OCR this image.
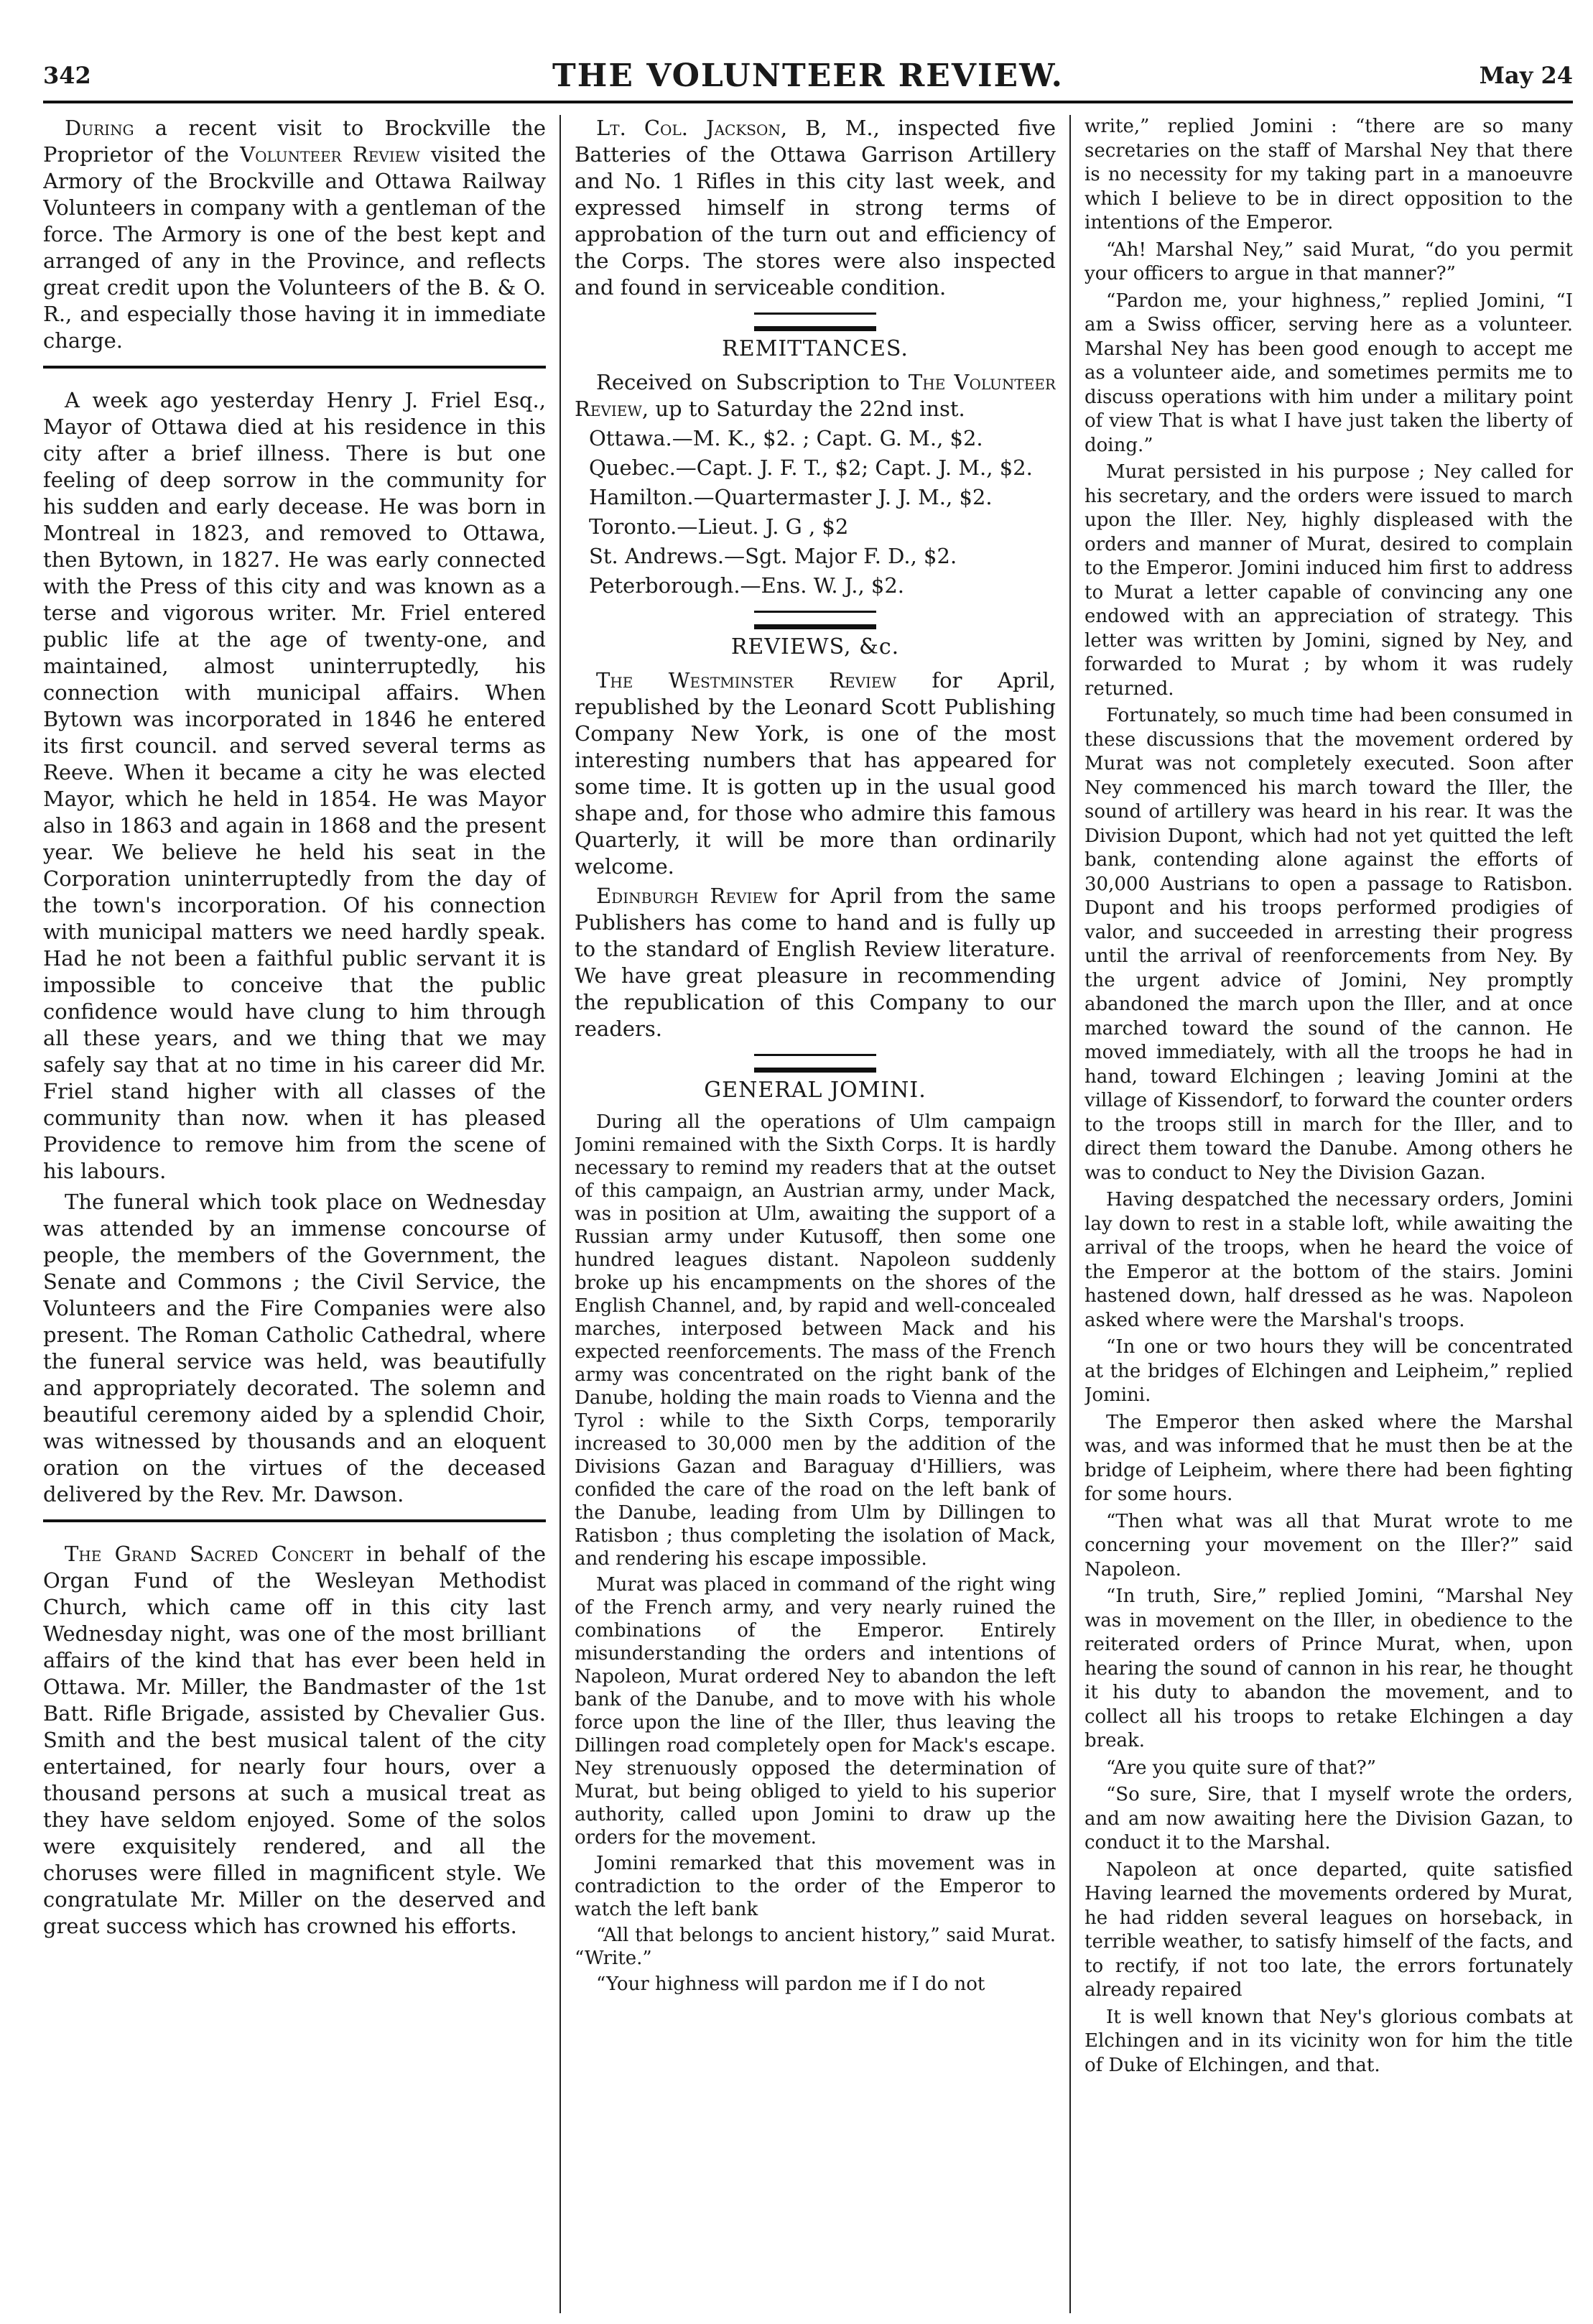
342	THE VOLUNTEER REVIEW.	May 24

During a recent visit to Brockville the Proprietor of the Volunteer Review visited the Armory of the Brockville and Ottawa Railway Volunteers in company with a gentleman of the force. The Armory is one of the best kept and arranged of any in the Province, and reflects great credit upon the Volunteers of the B. & O. R., and especially those having it in immediate charge.

A week ago yesterday Henry J. Friel Esq., Mayor of Ottawa died at his residence in this city after a brief illness. There is but one feeling of deep sorrow in the community for his sudden and early decease. He was born in Montreal in 1823, and removed to Ottawa, then Bytown, in 1827. He was early connected with the Press of this city and was known as a terse and vigorous writer. Mr. Friel entered public life at the age of twenty-one, and maintained, almost uninterruptedly, his connection with municipal affairs. When Bytown was incorporated in 1846 he entered its first council. and served several terms as Reeve. When it became a city he was elected Mayor, which he held in 1854. He was Mayor also in 1863 and again in 1868 and the present year. We believe he held his seat in the Corporation uninterruptedly from the day of the town's incorporation. Of his connection with municipal matters we need hardly speak. Had he not been a faithful public servant it is impossible to conceive that the public confidence would have clung to him through all these years, and we thing that we may safely say that at no time in his career did Mr. Friel stand higher with all classes of the community than now. when it has pleased Providence to remove him from the scene of his labours.

The funeral which took place on Wednesday was attended by an immense concourse of people, the members of the Government, the Senate and Commons ; the Civil Service, the Volunteers and the Fire Companies were also present. The Roman Catholic Cathedral, where the funeral service was held, was beautifully and appropriately decorated. The solemn and beautiful ceremony aided by a splendid Choir, was witnessed by thousands and an eloquent oration on the virtues of the deceased delivered by the Rev. Mr. Dawson.

The Grand Sacred Concert in behalf of the Organ Fund of the Wesleyan Methodist Church, which came off in this city last Wednesday night, was one of the most brilliant affairs of the kind that has ever been held in Ottawa. Mr. Miller, the Bandmaster of the 1st Batt. Rifle Brigade, assisted by Chevalier Gus. Smith and the best musical talent of the city entertained, for nearly four hours, over a thousand persons at such a musical treat as they have seldom enjoyed. Some of the solos were exquisitely rendered, and all the choruses were filled in magnificent style. We congratulate Mr. Miller on the deserved and great success which has crowned his efforts.

Lt. Col. Jackson, B, M., inspected five Batteries of the Ottawa Garrison Artillery and No. 1 Rifles in this city last week, and expressed himself in strong terms of approbation of the turn out and efficiency of the Corps. The stores were also inspected and found in serviceable condition.

REMITTANCES.

Received on Subscription to The Volunteer Review, up to Saturday the 22nd inst.

Ottawa.—M. K., $2. ; Capt. G. M., $2.

Quebec.—Capt. J. F. T., $2; Capt. J. M., $2.

Hamilton.—Quartermaster J. J. M., $2.

Toronto.—Lieut. J. G , $2

St. Andrews.—Sgt. Major F. D., $2.

Peterborough.—Ens. W. J., $2.

REVIEWS, &c.

The Westminster Review for April, republished by the Leonard Scott Publishing Company New York, is one of the most interesting numbers that has appeared for some time. It is gotten up in the usual good shape and, for those who admire this famous Quarterly, it will be more than ordinarily welcome.

Edinburgh Review for April from the same Publishers has come to hand and is fully up to the standard of English Review literature. We have great pleasure in recommending the republication of this Company to our readers.

GENERAL JOMINI.

During all the operations of Ulm campaign Jomini remained with the Sixth Corps. It is hardly necessary to remind my readers that at the outset of this campaign, an Austrian army, under Mack, was in position at Ulm, awaiting the support of a Russian army under Kutusoff, then some one hundred leagues distant. Napoleon suddenly broke up his encampments on the shores of the English Channel, and, by rapid and well-concealed marches, interposed between Mack and his expected reenforcements. The mass of the French army was concentrated on the right bank of the Danube, holding the main roads to Vienna and the Tyrol : while to the Sixth Corps, temporarily increased to 30,000 men by the addition of the Divisions Gazan and Baraguay d'Hilliers, was confided the care of the road on the left bank of the Danube, leading from Ulm by Dillingen to Ratisbon ; thus completing the isolation of Mack, and rendering his escape impossible.

Murat was placed in command of the right wing of the French army, and very nearly ruined the combinations of the Emperor. Entirely misunderstanding the orders and intentions of Napoleon, Murat ordered Ney to abandon the left bank of the Danube, and to move with his whole force upon the line of the Iller, thus leaving the Dillingen road completely open for Mack's escape. Ney strenuously opposed the determination of Murat, but being obliged to yield to his superior authority, called upon Jomini to draw up the orders for the movement.

Jomini remarked that this movement was in contradiction to the order of the Emperor to watch the left bank

“All that belongs to ancient history,” said Murat. “Write.”

“Your highness will pardon me if I do not

write,” replied Jomini : “there are so many secretaries on the staff of Marshal Ney that there is no necessity for my taking part in a manoeuvre which I believe to be in direct opposition to the intentions of the Emperor.

“Ah! Marshal Ney,” said Murat, “do you permit your officers to argue in that manner?”

“Pardon me, your highness,” replied Jomini, “I am a Swiss officer, serving here as a volunteer. Marshal Ney has been good enough to accept me as a volunteer aide, and sometimes permits me to discuss operations with him under a military point of view That is what I have just taken the liberty of doing.”

Murat persisted in his purpose ; Ney called for his secretary, and the orders were issued to march upon the Iller. Ney, highly displeased with the orders and manner of Murat, desired to complain to the Emperor. Jomini induced him first to address to Murat a letter capable of convincing any one endowed with an appreciation of strategy. This letter was written by Jomini, signed by Ney, and forwarded to Murat ; by whom it was rudely returned.

Fortunately, so much time had been consumed in these discussions that the movement ordered by Murat was not completely executed. Soon after Ney commenced his march toward the Iller, the sound of artillery was heard in his rear. It was the Division Dupont, which had not yet quitted the left bank, contending alone against the efforts of 30,000 Austrians to open a passage to Ratisbon. Dupont and his troops performed prodigies of valor, and succeeded in arresting their progress until the arrival of reenforcements from Ney. By the urgent advice of Jomini, Ney promptly abandoned the march upon the Iller, and at once marched toward the sound of the cannon. He moved immediately, with all the troops he had in hand, toward Elchingen ; leaving Jomini at the village of Kissendorf, to forward the counter orders to the troops still in march for the Iller, and to direct them toward the Danube. Among others he was to conduct to Ney the Division Gazan.

Having despatched the necessary orders, Jomini lay down to rest in a stable loft, while awaiting the arrival of the troops, when he heard the voice of the Emperor at the bottom of the stairs. Jomini hastened down, half dressed as he was. Napoleon asked where were the Marshal's troops.

“In one or two hours they will be concentrated at the bridges of Elchingen and Leipheim,” replied Jomini.

The Emperor then asked where the Marshal was, and was informed that he must then be at the bridge of Leipheim, where there had been fighting for some hours.

“Then what was all that Murat wrote to me concerning your movement on the Iller?” said Napoleon.

“In truth, Sire,” replied Jomini, “Marshal Ney was in movement on the Iller, in obedience to the reiterated orders of Prince Murat, when, upon hearing the sound of cannon in his rear, he thought it his duty to abandon the movement, and to collect all his troops to retake Elchingen a day break.

“Are you quite sure of that?”

“So sure, Sire, that I myself wrote the orders, and am now awaiting here the Division Gazan, to conduct it to the Marshal.

Napoleon at once departed, quite satisfied Having learned the movements ordered by Murat, he had ridden several leagues on horseback, in terrible weather, to satisfy himself of the facts, and to rectify, if not too late, the errors fortunately already repaired

It is well known that Ney's glorious combats at Elchingen and in its vicinity won for him the title of Duke of Elchingen, and that.
